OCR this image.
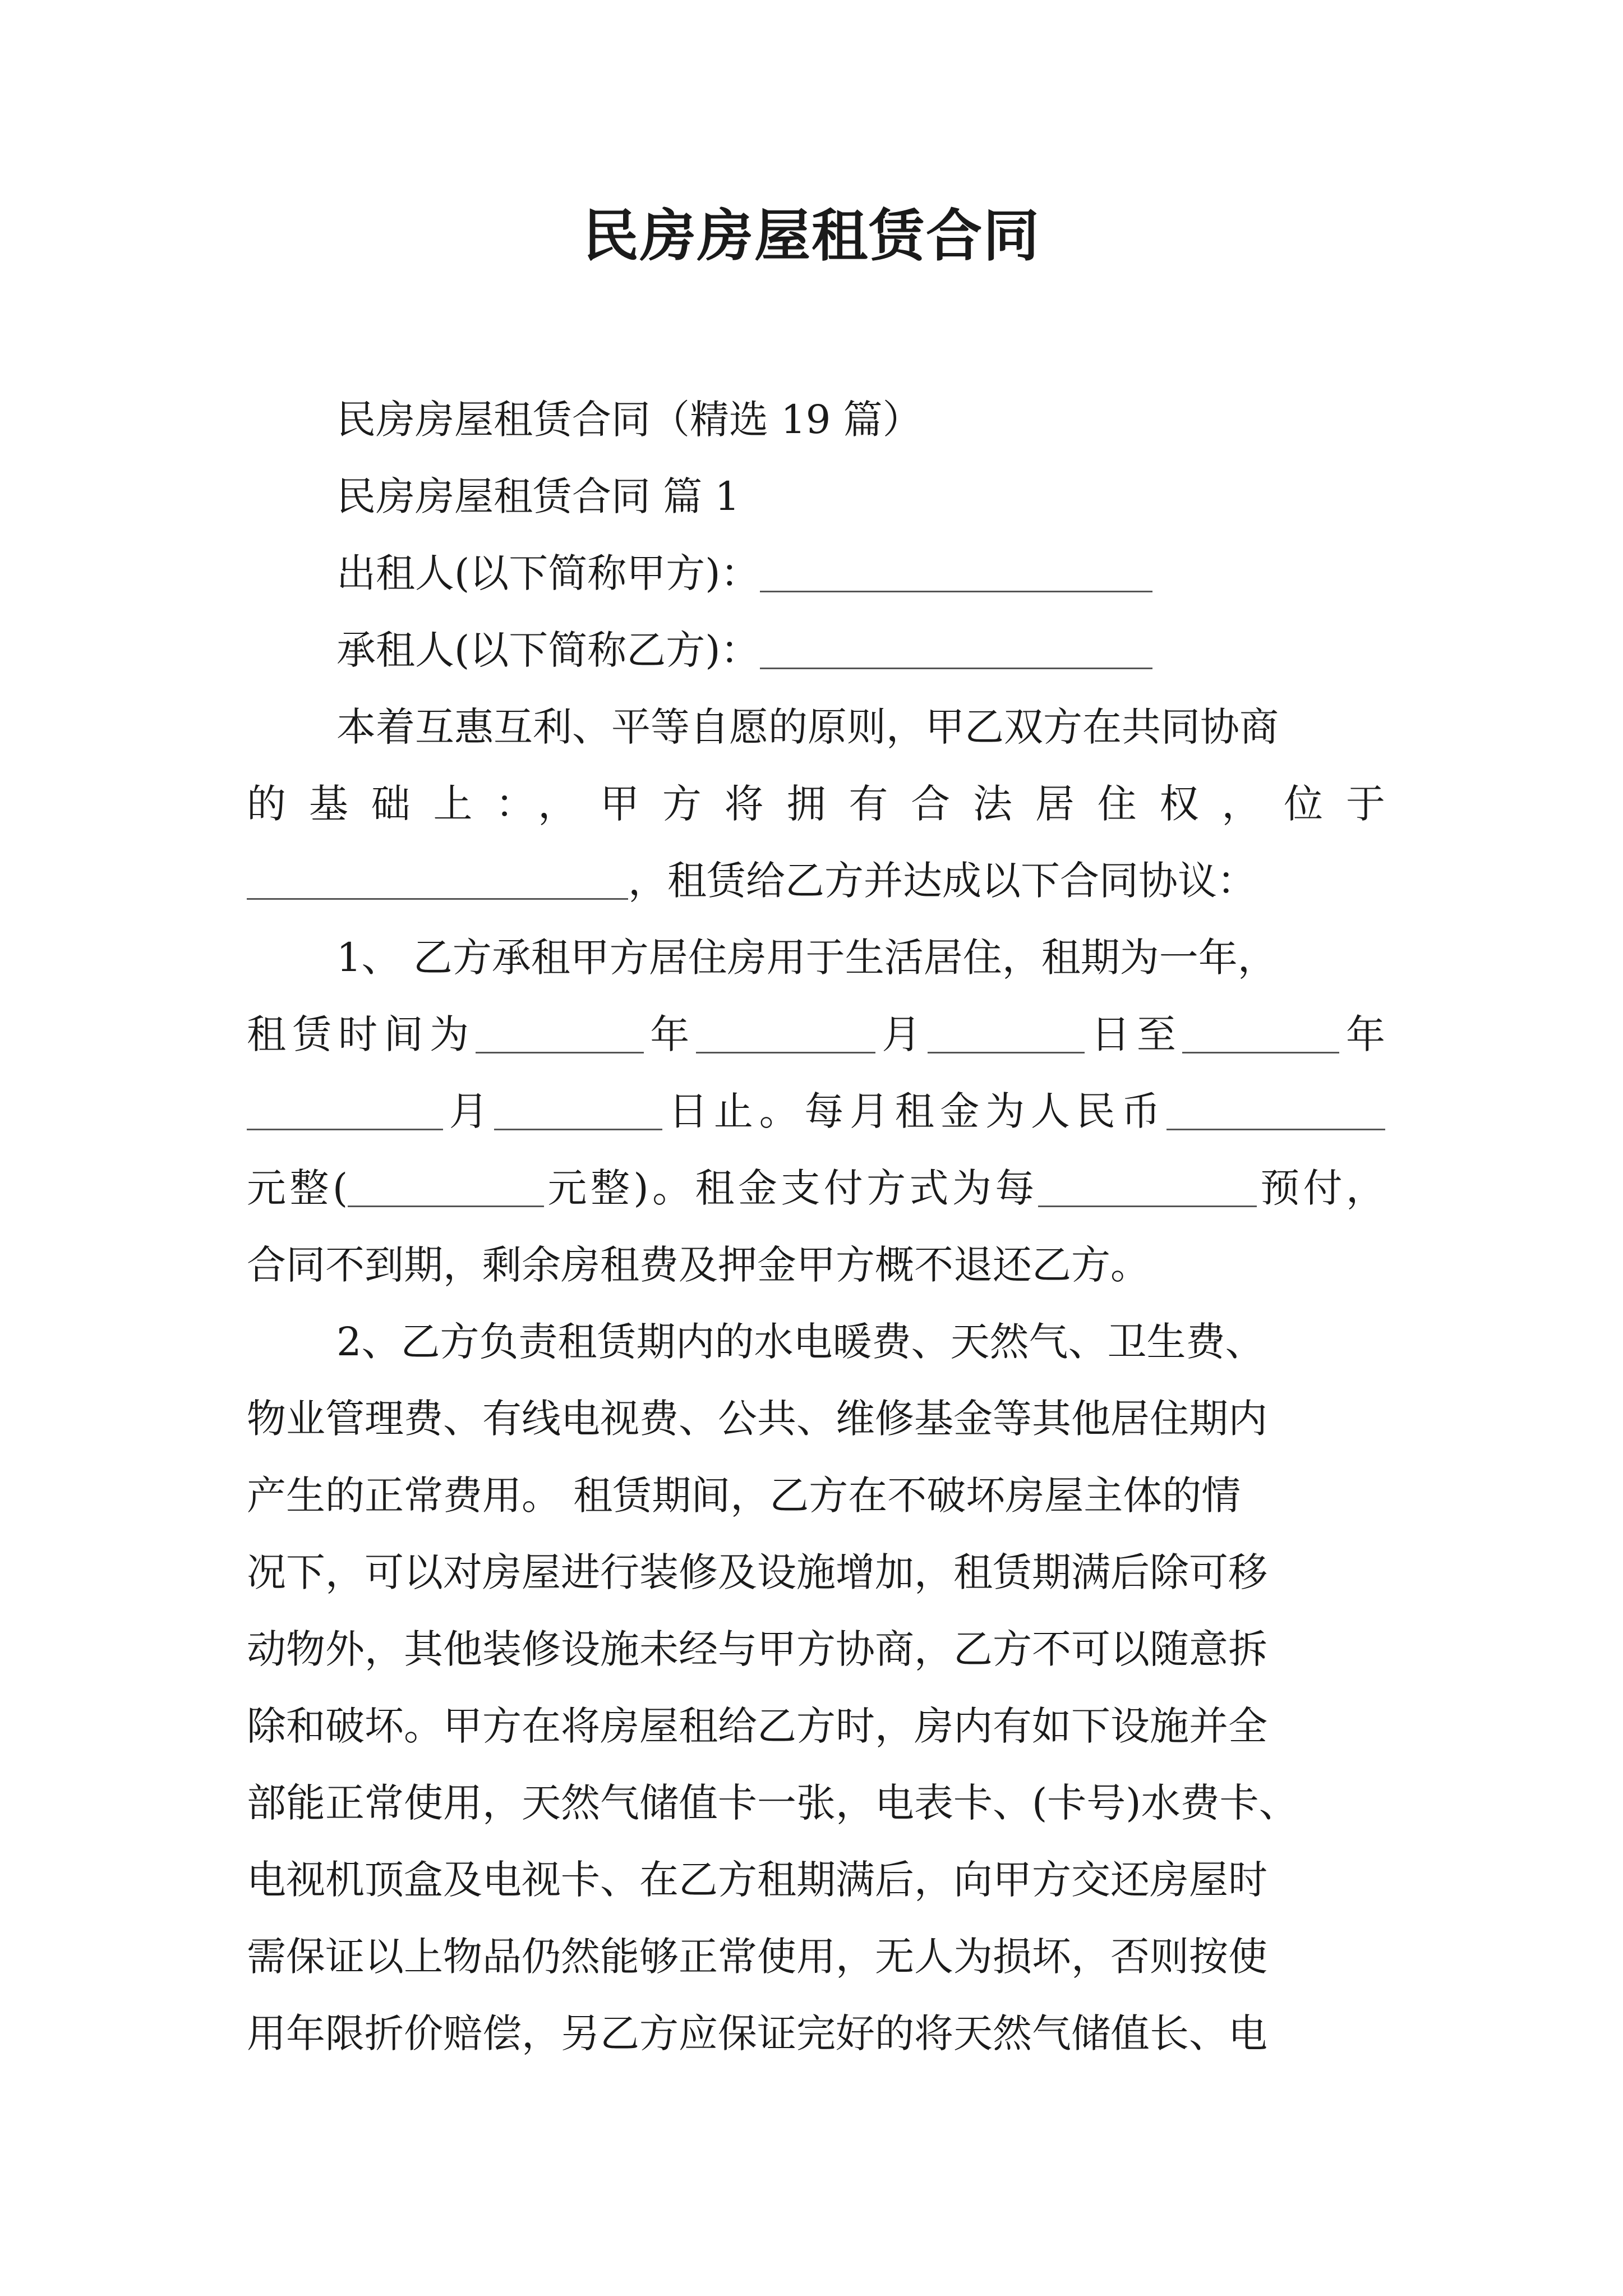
民房房屋租赁合同
民房房屋租赁合同（精选 19 篇）
民房房屋租赁合同 篇 1
出租人(以下简称甲方)：
承租人(以下简称乙方)：
本着互惠互利、平等自愿的原则，甲乙双方在共同协商
的基础上：，甲方将拥有合法居住权，位于
，租赁给乙方并达成以下合同协议：
1、 乙方承租甲方居住房用于生活居住，租期为一年，
租赁时间为	年	月	日至	年
月	日止。每月租金为人民币
元整(	元整)。租金支付方式为每	预付，
合同不到期，剩余房租费及押金甲方概不退还乙方。
2、乙方负责租赁期内的水电暖费、天然气、卫生费、
物业管理费、有线电视费、公共、维修基金等其他居住期内
产生的正常费用。 租赁期间，乙方在不破坏房屋主体的情
况下，可以对房屋进行装修及设施增加，租赁期满后除可移
动物外，其他装修设施未经与甲方协商，乙方不可以随意拆
除和破坏。甲方在将房屋租给乙方时，房内有如下设施并全
部能正常使用，天然气储值卡一张，电表卡、(卡号)水费卡、
电视机顶盒及电视卡、在乙方租期满后，向甲方交还房屋时
需保证以上物品仍然能够正常使用，无人为损坏，否则按使
用年限折价赔偿，另乙方应保证完好的将天然气储值长、电
